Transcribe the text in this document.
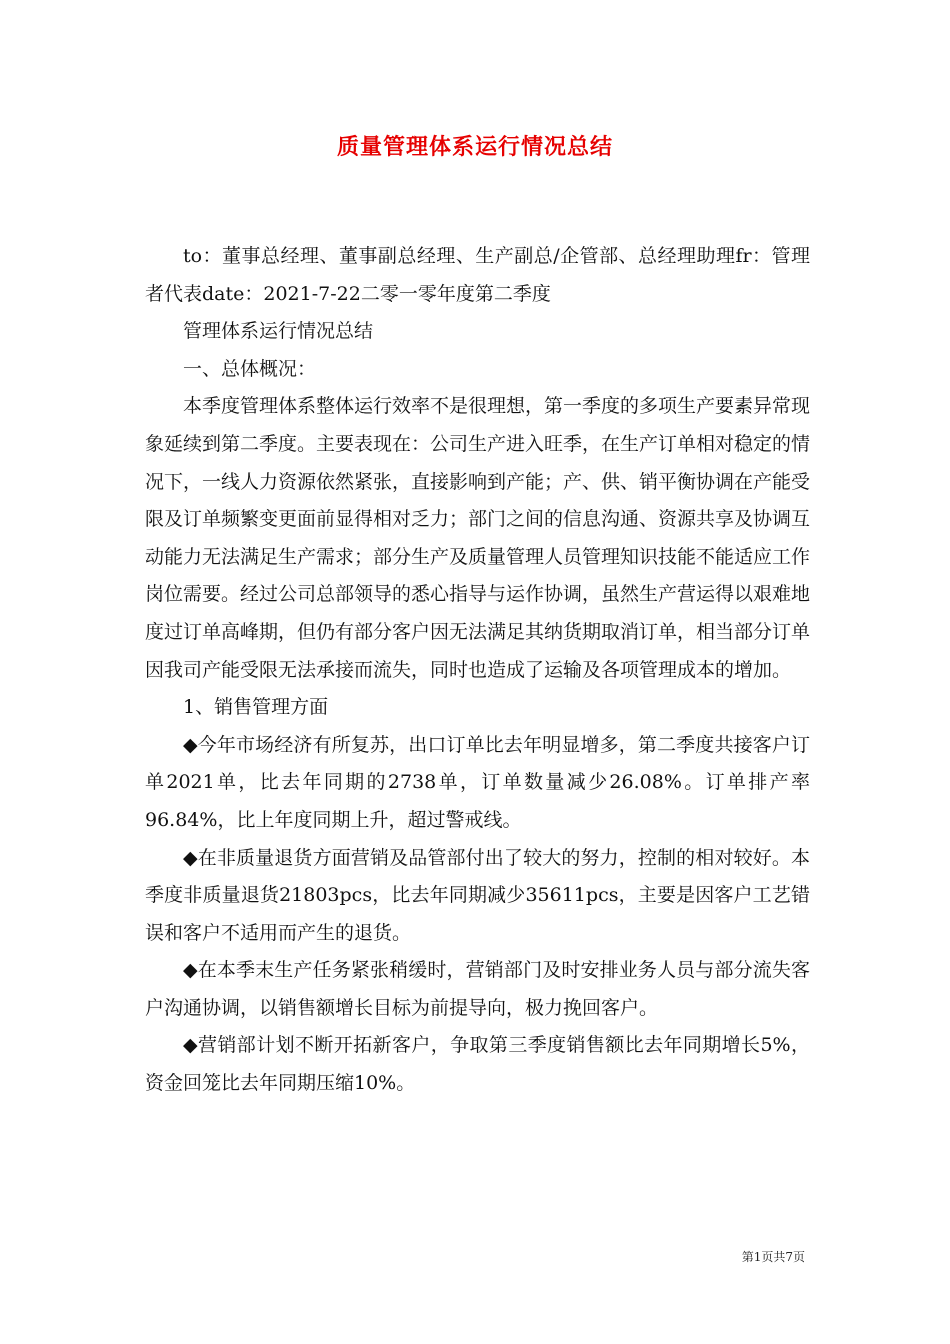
质量管理体系运行情况总结

to：董事总经理、董事副总经理、生产副总/企管部、总经理助理fr：管理者代表date：2021-7-22二零一零年度第二季度

管理体系运行情况总结

一、总体概况：

本季度管理体系整体运行效率不是很理想，第一季度的多项生产要素异常现象延续到第二季度。主要表现在：公司生产进入旺季，在生产订单相对稳定的情况下，一线人力资源依然紧张，直接影响到产能；产、供、销平衡协调在产能受限及订单频繁变更面前显得相对乏力；部门之间的信息沟通、资源共享及协调互动能力无法满足生产需求；部分生产及质量管理人员管理知识技能不能适应工作岗位需要。经过公司总部领导的悉心指导与运作协调，虽然生产营运得以艰难地度过订单高峰期，但仍有部分客户因无法满足其纳货期取消订单，相当部分订单因我司产能受限无法承接而流失，同时也造成了运输及各项管理成本的增加。

1、销售管理方面

◆今年市场经济有所复苏，出口订单比去年明显增多，第二季度共接客户订单2021单，比去年同期的2738单，订单数量减少26.08%。订单排产率96.84%，比上年度同期上升，超过警戒线。

◆在非质量退货方面营销及品管部付出了较大的努力，控制的相对较好。本季度非质量退货21803pcs，比去年同期减少35611pcs，主要是因客户工艺错误和客户不适用而产生的退货。

◆在本季末生产任务紧张稍缓时，营销部门及时安排业务人员与部分流失客户沟通协调，以销售额增长目标为前提导向，极力挽回客户。

◆营销部计划不断开拓新客户，争取第三季度销售额比去年同期增长5%，资金回笼比去年同期压缩10%。

第1页共7页
